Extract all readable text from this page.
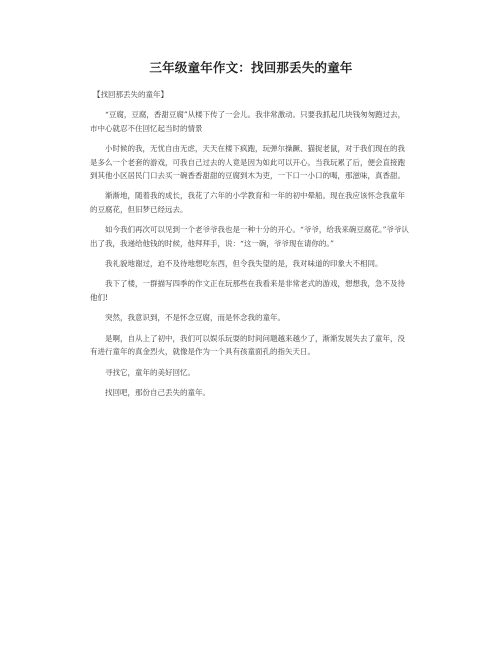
三年级童年作文：找回那丢失的童年

【找回那丢失的童年】

“豆腐，豆腐，香甜豆腐”从楼下传了一会儿。我非常激动。只要我抓起几块钱匆匆跑过去，市中心就忍不住回忆起当时的情景

小时候的我，无忧自由无虑，天天在楼下疯跑，玩弹尔操蹶、猫捉老鼠，对于我们现在的我是多么一个老套的游戏，可我自己过去的人竟是因为如此可以开心。当我玩累了后，便会直接跑到其他小区居民门口去买一碗香香甜甜的豆腐到木为吏，一下口一小口的喝，那滋味，真香甜。

渐渐地，随着我的成长，我花了六年的小学教育和一年的初中晕船。现在我应该怀念我童年的豆腐花，但旧梦已经远去。

如今我们再次可以见到一个老爷爷我也是一种十分的开心。“爷爷，给我来碗豆腐花。”爷爷认出了我，我递给他钱的时候，他拜拜手，说：“这一碗，爷爷现在请你的。”

我礼貌地谢过，迫不及待地想吃东西，但令我失望的是，我对味道的印象大不相同。

我下了楼，一群描写四季的作文正在玩那些在我看来是非常老式的游戏，想想我，急不及待他们!

突然，我意识到，不是怀念豆腐，而是怀念我的童年。

是啊，自从上了初中，我们可以娱乐玩耍的时间问题越来越少了，渐渐发展失去了童年，没有进行童年的真金烈火，就像是作为一个具有孩童面孔的指矢天日。

寻找它，童年的美好回忆。

找回吧，那份自己丢失的童年。
